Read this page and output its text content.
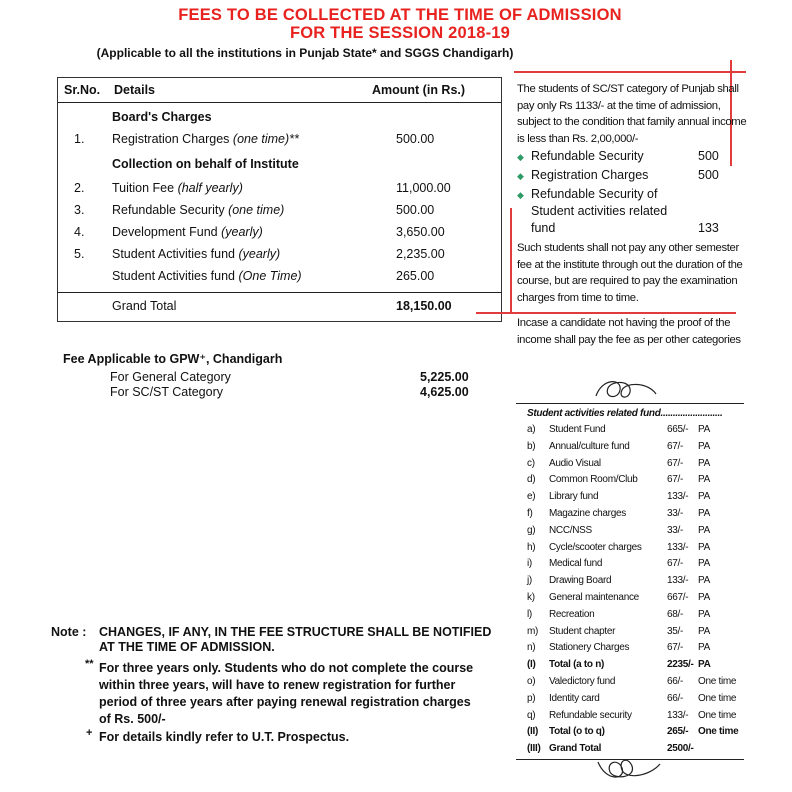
FEES TO BE COLLECTED AT THE TIME OF ADMISSION
FOR THE SESSION 2018-19
(Applicable to all the institutions in Punjab State* and SGGS Chandigarh)
Sr.No. Details	Amount (in Rs.)
Board's Charges
1. Registration Charges (one time)**	500.00
Collection on behalf of Institute
2. Tuition Fee (half yearly)	11,000.00
3. Refundable Security (one time)	500.00
4. Development Fund (yearly)	3,650.00
5. Student Activities fund (yearly)	2,235.00
Student Activities fund (One Time)	265.00
Grand Total	18,150.00
The students of SC/ST category of Punjab shall
pay only Rs 1133/- at the time of admission,
subject to the condition that family annual income
is less than Rs. 2,00,000/-
◆ Refundable Security	500
◆ Registration Charges	500
◆ Refundable Security of
Student activities related
fund	133
Such students shall not pay any other semester
fee at the institute through out the duration of the
course, but are required to pay the examination
charges from time to time.
Incase a candidate not having the proof of the
income shall pay the fee as per other categories
Fee Applicable to GPW⁺, Chandigarh
For General Category	5,225.00
For SC/ST Category	4,625.00
Student activities related fund.........................
a) Student Fund	665/- PA
b) Annual/culture fund	67/- PA
c) Audio Visual	67/- PA
d) Common Room/Club	67/- PA
e) Library fund	133/- PA
f) Magazine charges	33/- PA
g) NCC/NSS	33/- PA
h) Cycle/scooter charges	133/- PA
i) Medical fund	67/- PA
j) Drawing Board	133/- PA
k) General maintenance	667/- PA
l) Recreation	68/- PA
m) Student chapter	35/- PA
n) Stationery Charges	67/- PA
(I) Total (a to n)	2235/- PA
o) Valedictory fund	66/- One time
p) Identity card	66/- One time
q) Refundable security	133/- One time
(II) Total (o to q)	265/- One time
(III) Grand Total	2500/-
Note : CHANGES, IF ANY, IN THE FEE STRUCTURE SHALL BE NOTIFIED
AT THE TIME OF ADMISSION.
** For three years only. Students who do not complete the course
within three years, will have to renew registration for further
period of three years after paying renewal registration charges
of Rs. 500/-
+ For details kindly refer to U.T. Prospectus.
